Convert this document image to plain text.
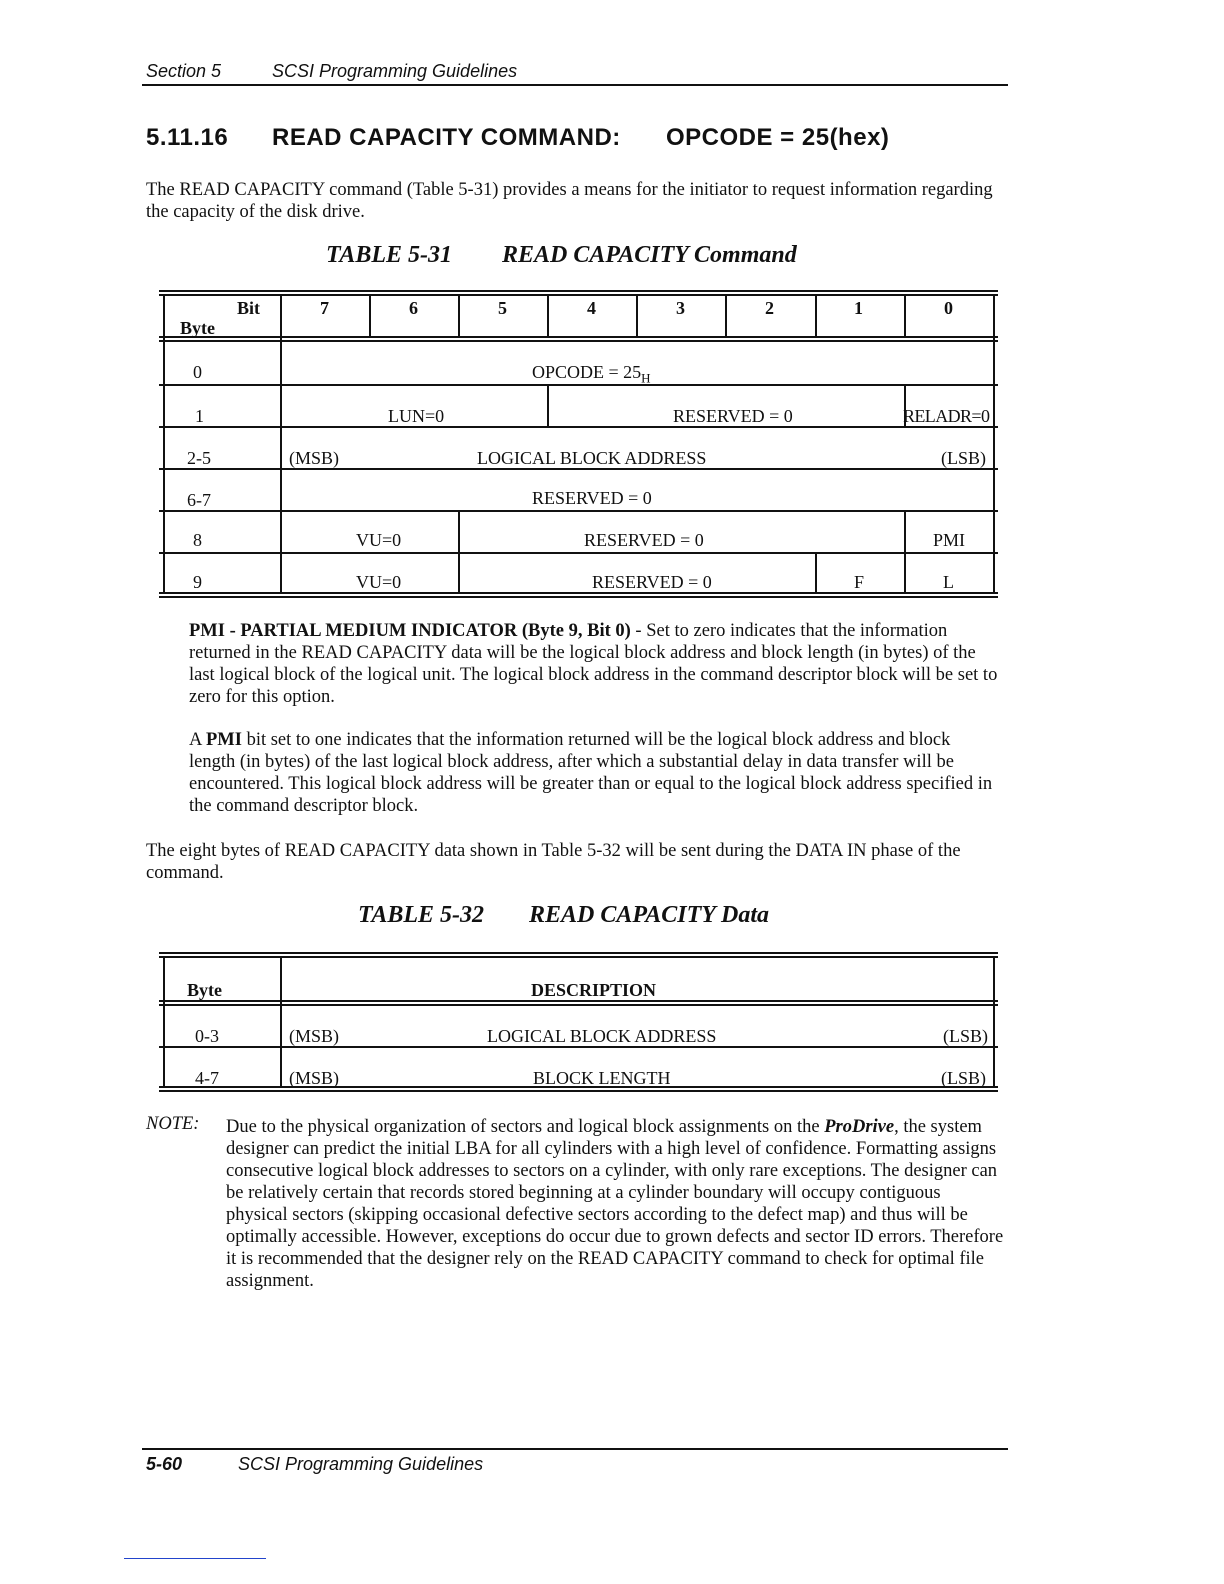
Section 5	SCSI Programming Guidelines
5.11.16 READ CAPACITY COMMAND: OPCODE = 25(hex)

The READ CAPACITY command (Table 5-31) provides a means for the initiator to request information regarding the capacity of the disk drive.

TABLE 5-31 READ CAPACITY Command
Bit
Byte
7	6	5	4	3	2	1	0
0	OPCODE = $25_H$
1	LUN=0	RESERVED = 0	RELADR=0
2-5	(MSB)	LOGICAL BLOCK ADDRESS	(LSB)
6-7	RESERVED = 0
8	VU=0	RESERVED = 0	PMI
9	VU=0	RESERVED = 0	F	L

PMI - PARTIAL MEDIUM INDICATOR (Byte 9, Bit 0) - Set to zero indicates that the information returned in the READ CAPACITY data will be the logical block address and block length (in bytes) of the last logical block of the logical unit. The logical block address in the command descriptor block will be set to zero for this option.

A PMI bit set to one indicates that the information returned will be the logical block address and block length (in bytes) of the last logical block address, after which a substantial delay in data transfer will be encountered. This logical block address will be greater than or equal to the logical block address specified in the command descriptor block.

The eight bytes of READ CAPACITY data shown in Table 5-32 will be sent during the DATA IN phase of the command.

TABLE 5-32 READ CAPACITY Data
Byte	DESCRIPTION
0-3	(MSB)	LOGICAL BLOCK ADDRESS	(LSB)
4-7	(MSB)	BLOCK LENGTH	(LSB)
NOTE: Due to the physical organization of sectors and logical block assignments on the ProDrive, the system designer can predict the initial LBA for all cylinders with a high level of confidence. Formatting assigns consecutive logical block addresses to sectors on a cylinder, with only rare exceptions. The designer can be relatively certain that records stored beginning at a cylinder boundary will occupy contiguous physical sectors (skipping occasional defective sectors according to the defect map) and thus will be optimally accessible. However, exceptions do occur due to grown defects and sector ID errors. Therefore it is recommended that the designer rely on the READ CAPACITY command to check for optimal file assignment.

5-60	SCSI Programming Guidelines
